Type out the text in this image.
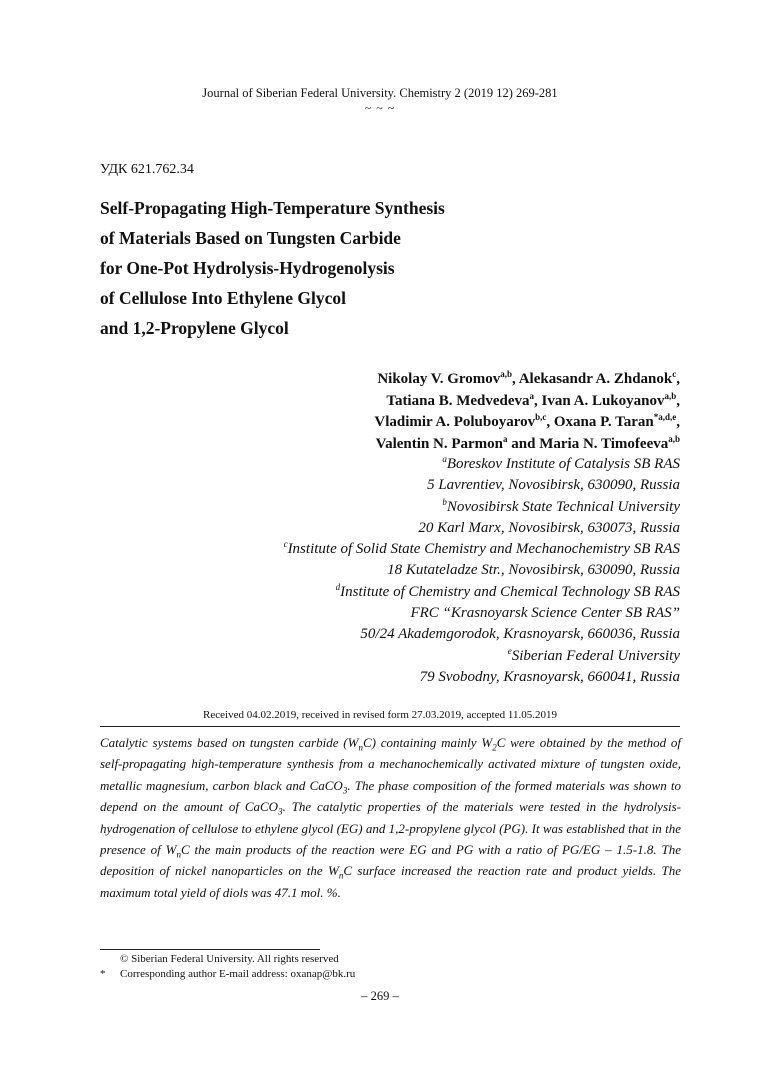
Journal of Siberian Federal University. Chemistry 2 (2019 12) 269-281
~ ~ ~
УДК 621.762.34
Self-Propagating High-Temperature Synthesis
of Materials Based on Tungsten Carbide
for One-Pot Hydrolysis-Hydrogenolysis
of Cellulose Into Ethylene Glycol
and 1,2-Propylene Glycol
Nikolay V. Gromov$^{a,b}$, Alekasandr A. Zhdanok$^c$,
Tatiana B. Medvedeva$^a$, Ivan A. Lukoyanov$^{a,b}$,
Vladimir A. Poluboyarov$^{b,c}$, Oxana P. Taran$^{*a,d,e}$,
Valentin N. Parmon$^a$ and Maria N. Timofeeva$^{a,b}$
$^a$Boreskov Institute of Catalysis SB RAS
5 Lavrentiev, Novosibirsk, 630090, Russia
$^b$Novosibirsk State Technical University
20 Karl Marx, Novosibirsk, 630073, Russia
$^c$Institute of Solid State Chemistry and Mechanochemistry SB RAS
18 Kutateladze Str., Novosibirsk, 630090, Russia
$^d$Institute of Chemistry and Chemical Technology SB RAS
FRC “Krasnoyarsk Science Center SB RAS”
50/24 Akademgorodok, Krasnoyarsk, 660036, Russia
$^e$Siberian Federal University
79 Svobodny, Krasnoyarsk, 660041, Russia
Received 04.02.2019, received in revised form 27.03.2019, accepted 11.05.2019
Catalytic systems based on tungsten carbide $(W_nC)$ containing mainly $W_2C$ were obtained by the method of self-propagating high-temperature synthesis from a mechanochemically activated mixture of tungsten oxide, metallic magnesium, carbon black and CaCO$_3$. The phase composition of the formed materials was shown to depend on the amount of CaCO$_3$. The catalytic properties of the materials were tested in the hydrolysis-hydrogenation of cellulose to ethylene glycol (EG) and 1,2-propylene glycol (PG). It was established that in the presence of $W_nC$ the main products of the reaction were EG and PG with a ratio of PG/EG – 1.5-1.8. The deposition of nickel nanoparticles on the $W_nC$ surface increased the reaction rate and product yields. The maximum total yield of diols was 47.1 mol. %.
© Siberian Federal University. All rights reserved
* Corresponding author E-mail address: oxanap@bk.ru
– 269 –
